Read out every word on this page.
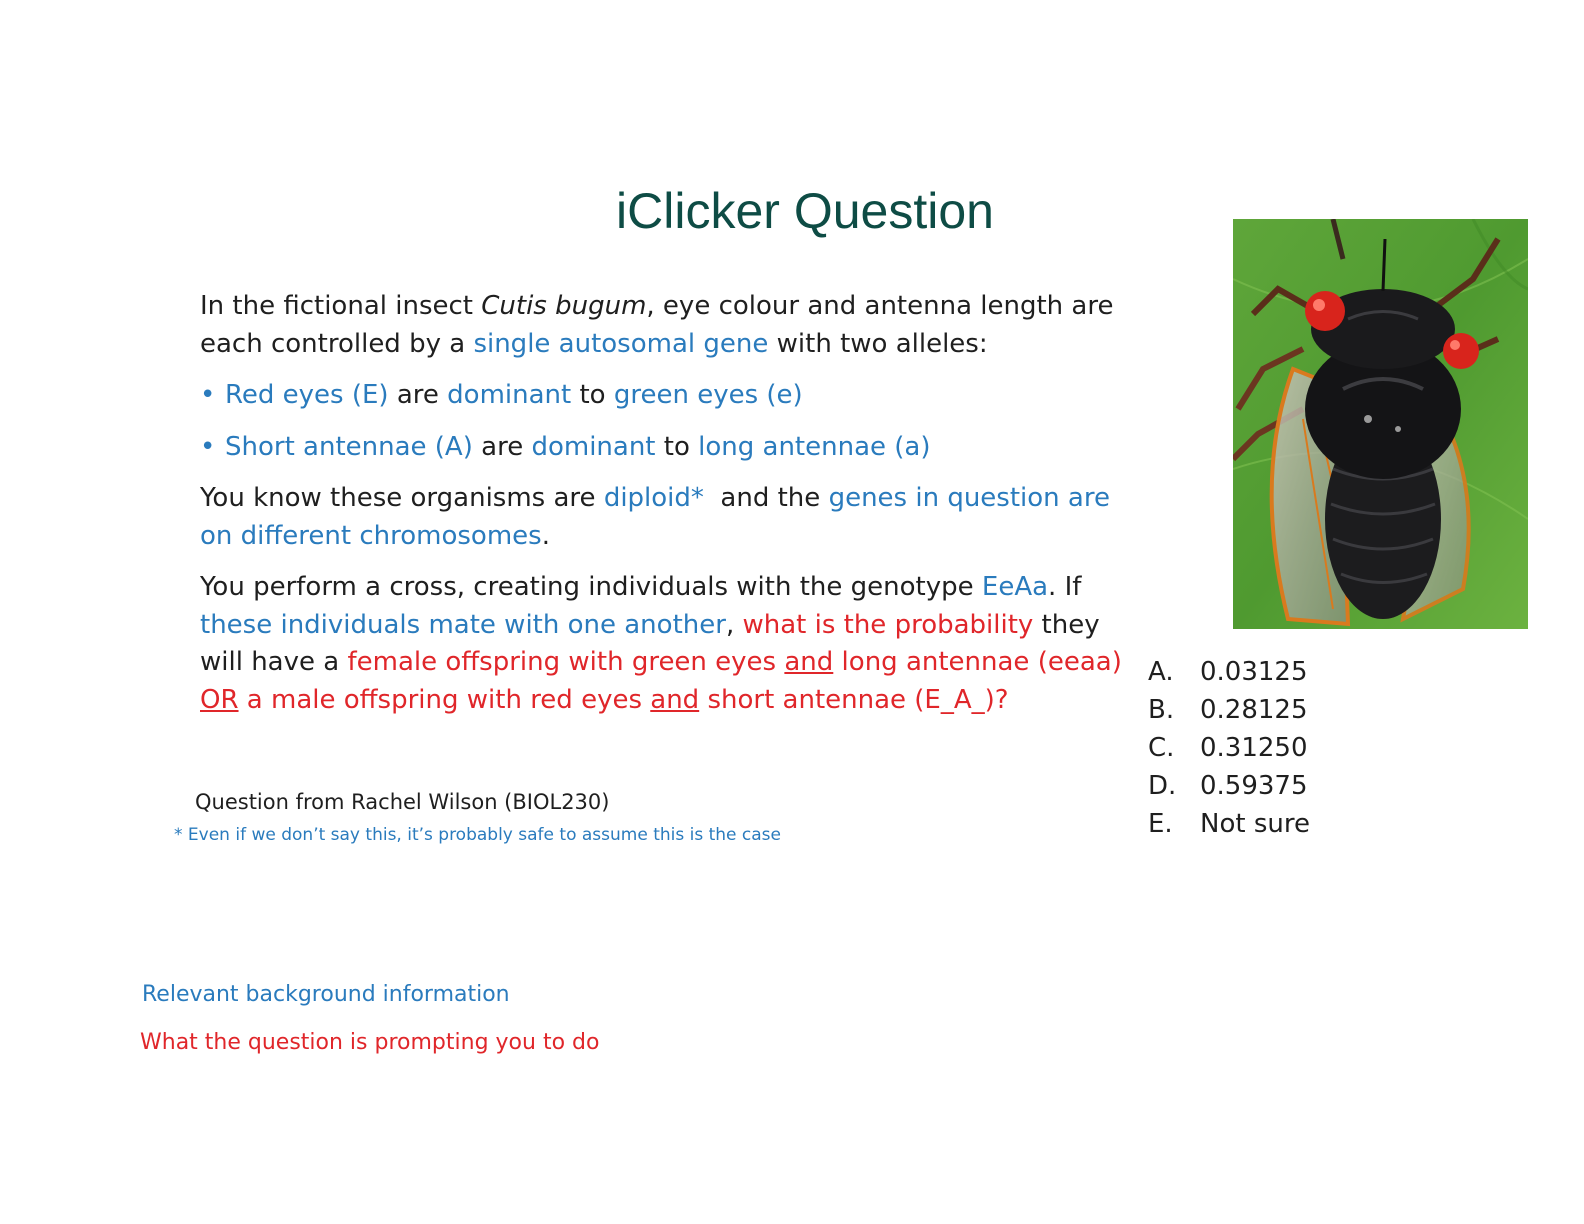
iClicker Question

In the fictional insect Cutis bugum, eye colour and antenna length are each controlled by a single autosomal gene with two alleles:

• Red eyes (E) are dominant to green eyes (e)

• Short antennae (A) are dominant to long antennae (a)

You know these organisms are diploid*  and the genes in question are on different chromosomes.

You perform a cross, creating individuals with the genotype EeAa. If these individuals mate with one another, what is the probability they will have a female offspring with green eyes and long antennae (eeaa) OR a male offspring with red eyes and short antennae (E_A_)?

Question from Rachel Wilson (BIOL230)
* Even if we don’t say this, it’s probably safe to assume this is the case
A.	0.03125
B. 0.28125
C. 0.31250
D. 0.59375
E.	Not sure
Relevant background information
What the question is prompting you to do
